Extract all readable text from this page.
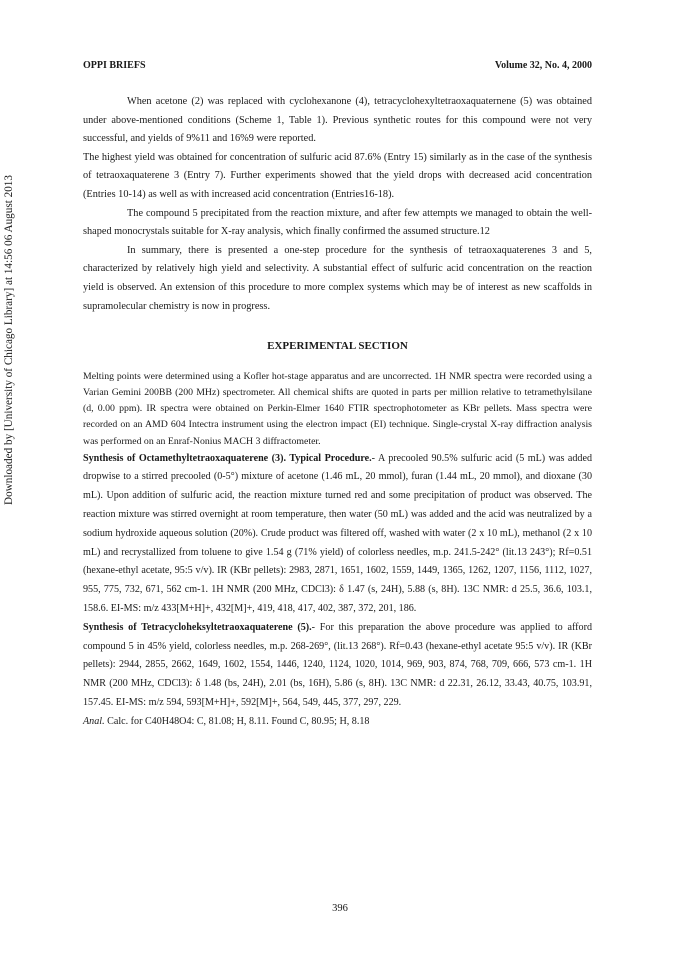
Downloaded by [University of Chicago Library] at 14:56 06 August 2013
OPPI BRIEFS	Volume 32, No. 4, 2000

When acetone (2) was replaced with cyclohexanone (4), tetracyclohexyltetraoxaquaternene (5) was obtained under above-mentioned conditions (Scheme 1, Table 1). Previous synthetic routes for this compound were not very successful, and yields of 9%11 and 16%9 were reported.

The highest yield was obtained for concentration of sulfuric acid 87.6% (Entry 15) similarly as in the case of the synthesis of tetraoxaquaterene 3 (Entry 7). Further experiments showed that the yield drops with decreased acid concentration (Entries 10-14) as well as with increased acid concentration (Entries16-18).

The compound 5 precipitated from the reaction mixture, and after few attempts we managed to obtain the well-shaped monocrystals suitable for X-ray analysis, which finally confirmed the assumed structure.12

In summary, there is presented a one-step procedure for the synthesis of tetraoxaquaterenes 3 and 5, characterized by relatively high yield and selectivity. A substantial effect of sulfuric acid concentration on the reaction yield is observed. An extension of this procedure to more complex systems which may be of interest as new scaffolds in supramolecular chemistry is now in progress.

EXPERIMENTAL SECTION

Melting points were determined using a Kofler hot-stage apparatus and are uncorrected. 1H NMR spectra were recorded using a Varian Gemini 200BB (200 MHz) spectrometer. All chemical shifts are quoted in parts per million relative to tetramethylsilane (d, 0.00 ppm). IR spectra were obtained on Perkin-Elmer 1640 FTIR spectrophotometer as KBr pellets. Mass spectra were recorded on an AMD 604 Intectra instrument using the electron impact (EI) technique. Single-crystal X-ray diffraction analysis was performed on an Enraf-Nonius MACH 3 diffractometer.

Synthesis of Octamethyltetraoxaquaterene (3). Typical Procedure.- A precooled 90.5% sulfuric acid (5 mL) was added dropwise to a stirred precooled (0-5°) mixture of acetone (1.46 mL, 20 mmol), furan (1.44 mL, 20 mmol), and dioxane (30 mL). Upon addition of sulfuric acid, the reaction mixture turned red and some precipitation of product was observed. The reaction mixture was stirred overnight at room temperature, then water (50 mL) was added and the acid was neutralized by a sodium hydroxide aqueous solution (20%). Crude product was filtered off, washed with water (2 x 10 mL), methanol (2 x 10 mL) and recrystallized from toluene to give 1.54 g (71% yield) of colorless needles, m.p. 241.5-242° (lit.13 243°); Rf=0.51 (hexane-ethyl acetate, 95:5 v/v). IR (KBr pellets): 2983, 2871, 1651, 1602, 1559, 1449, 1365, 1262, 1207, 1156, 1112, 1027, 955, 775, 732, 671, 562 cm-1. 1H NMR (200 MHz, CDCl3): δ 1.47 (s, 24H), 5.88 (s, 8H). 13C NMR: d 25.5, 36.6, 103.1, 158.6. EI-MS: m/z 433[M+H]+, 432[M]+, 419, 418, 417, 402, 387, 372, 201, 186.

Synthesis of Tetracycloheksyltetraoxaquaterene (5).- For this preparation the above procedure was applied to afford compound 5 in 45% yield, colorless needles, m.p. 268-269°, (lit.13 268°). Rf=0.43 (hexane-ethyl acetate 95:5 v/v). IR (KBr pellets): 2944, 2855, 2662, 1649, 1602, 1554, 1446, 1240, 1124, 1020, 1014, 969, 903, 874, 768, 709, 666, 573 cm-1. 1H NMR (200 MHz, CDCl3): δ 1.48 (bs, 24H), 2.01 (bs, 16H), 5.86 (s, 8H). 13C NMR: d 22.31, 26.12, 33.43, 40.75, 103.91, 157.45. EI-MS: m/z 594, 593[M+H]+, 592[M]+, 564, 549, 445, 377, 297, 229.

Anal. Calc. for C40H48O4: C, 81.08; H, 8.11. Found C, 80.95; H, 8.18

396
